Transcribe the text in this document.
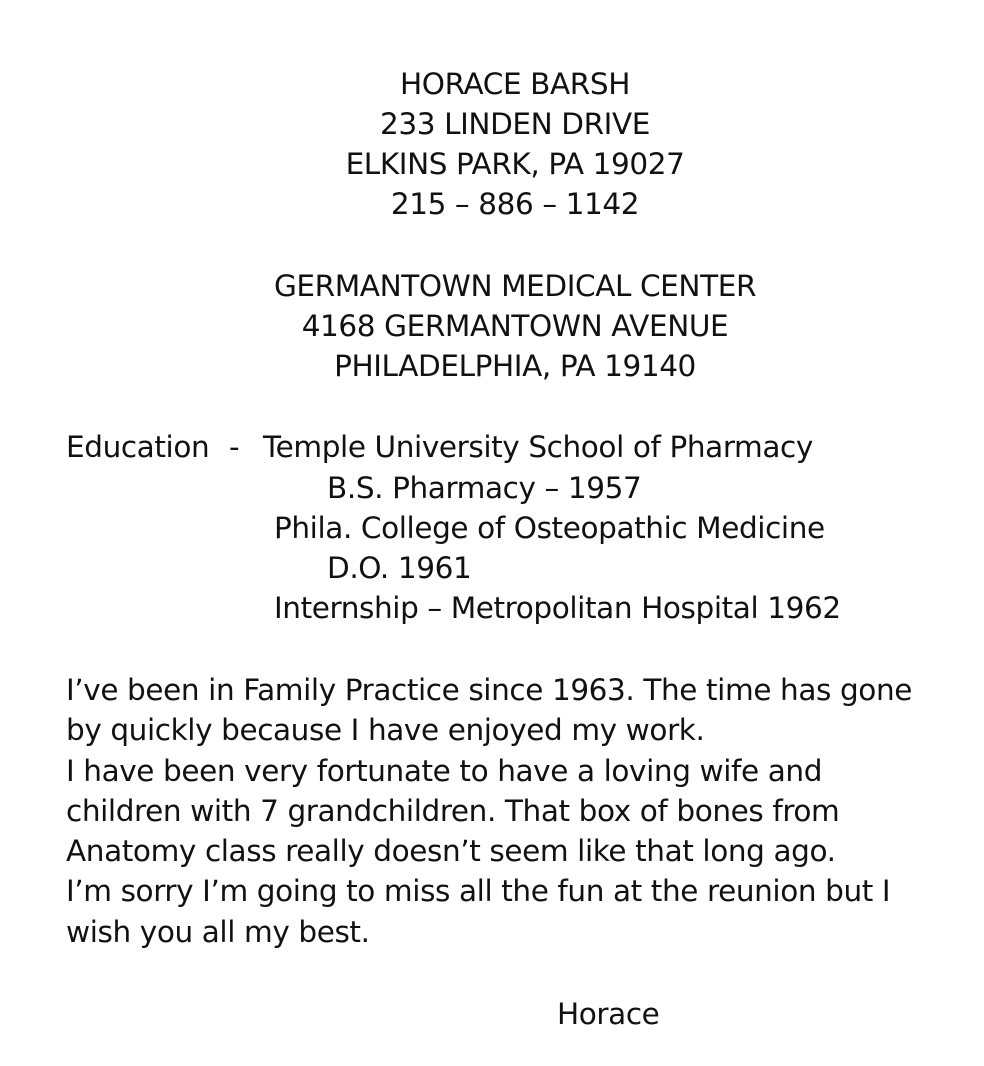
HORACE BARSH
233 LINDEN DRIVE
ELKINS PARK, PA 19027
215 – 886 – 1142
GERMANTOWN MEDICAL CENTER
4168 GERMANTOWN AVENUE
PHILADELPHIA, PA 19140
Education - Temple University School of Pharmacy
B.S. Pharmacy – 1957
Phila. College of Osteopathic Medicine
D.O. 1961
Internship – Metropolitan Hospital 1962
I’ve been in Family Practice since 1963. The time has gone
by quickly because I have enjoyed my work.
I have been very fortunate to have a loving wife and
children with 7 grandchildren. That box of bones from
Anatomy class really doesn’t seem like that long ago.
I’m sorry I’m going to miss all the fun at the reunion but I
wish you all my best.
Horace
